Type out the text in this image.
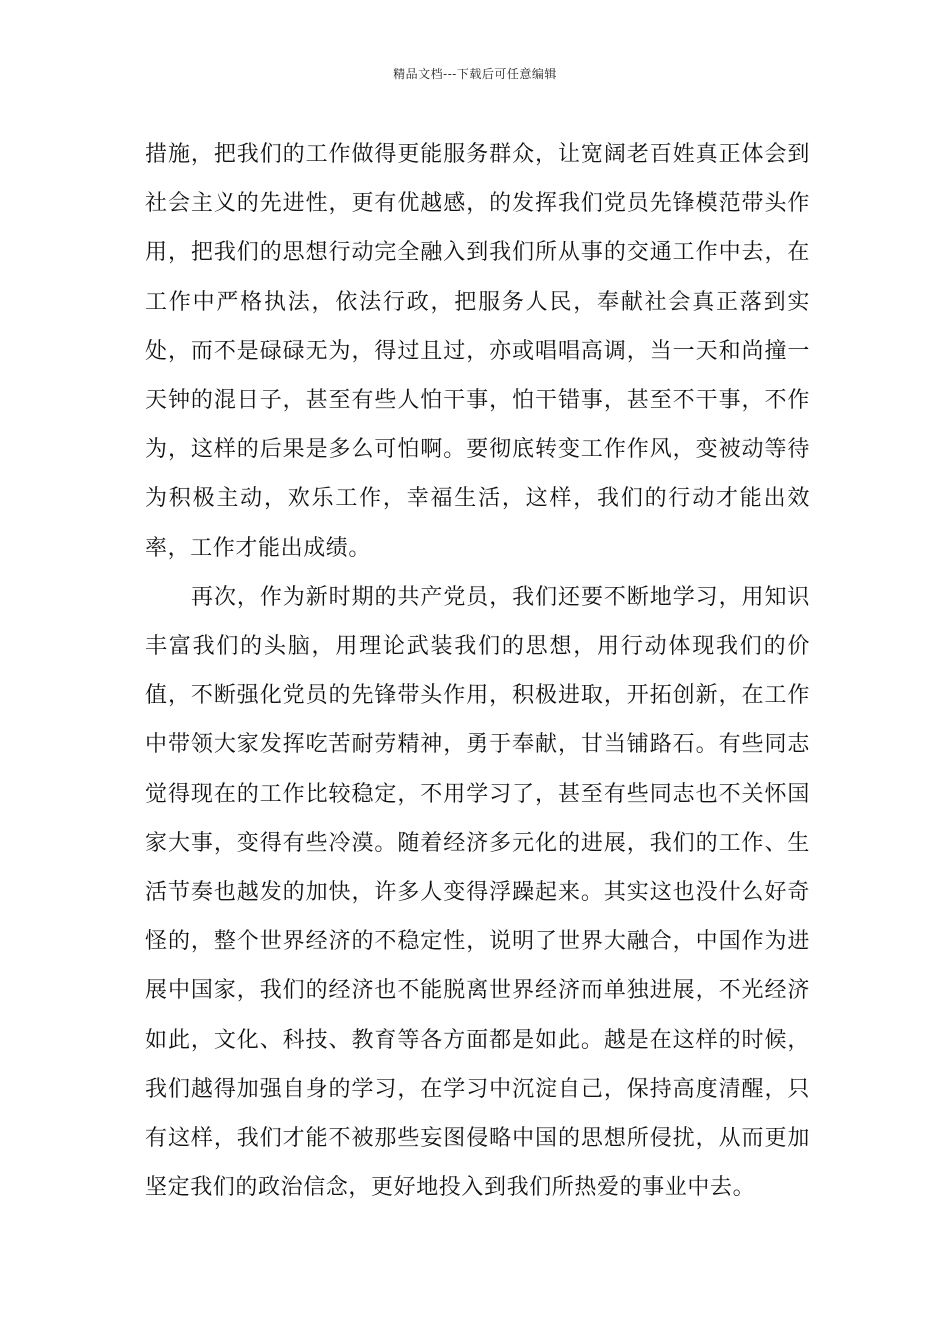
精品文档---下载后可任意编辑

措施，把我们的工作做得更能服务群众，让宽阔老百姓真正体会到社会主义的先进性，更有优越感，的发挥我们党员先锋模范带头作用，把我们的思想行动完全融入到我们所从事的交通工作中去，在工作中严格执法，依法行政，把服务人民，奉献社会真正落到实处，而不是碌碌无为，得过且过，亦或唱唱高调，当一天和尚撞一天钟的混日子，甚至有些人怕干事，怕干错事，甚至不干事，不作为，这样的后果是多么可怕啊。要彻底转变工作作风，变被动等待为积极主动，欢乐工作，幸福生活，这样，我们的行动才能出效率，工作才能出成绩。

再次，作为新时期的共产党员，我们还要不断地学习，用知识丰富我们的头脑，用理论武装我们的思想，用行动体现我们的价值，不断强化党员的先锋带头作用，积极进取，开拓创新，在工作中带领大家发挥吃苦耐劳精神，勇于奉献，甘当铺路石。有些同志觉得现在的工作比较稳定，不用学习了，甚至有些同志也不关怀国家大事，变得有些冷漠。随着经济多元化的进展，我们的工作、生活节奏也越发的加快，许多人变得浮躁起来。其实这也没什么好奇怪的，整个世界经济的不稳定性，说明了世界大融合，中国作为进展中国家，我们的经济也不能脱离世界经济而单独进展，不光经济如此，文化、科技、教育等各方面都是如此。越是在这样的时候，我们越得加强自身的学习，在学习中沉淀自己，保持高度清醒，只有这样，我们才能不被那些妄图侵略中国的思想所侵扰，从而更加坚定我们的政治信念，更好地投入到我们所热爱的事业中去。
